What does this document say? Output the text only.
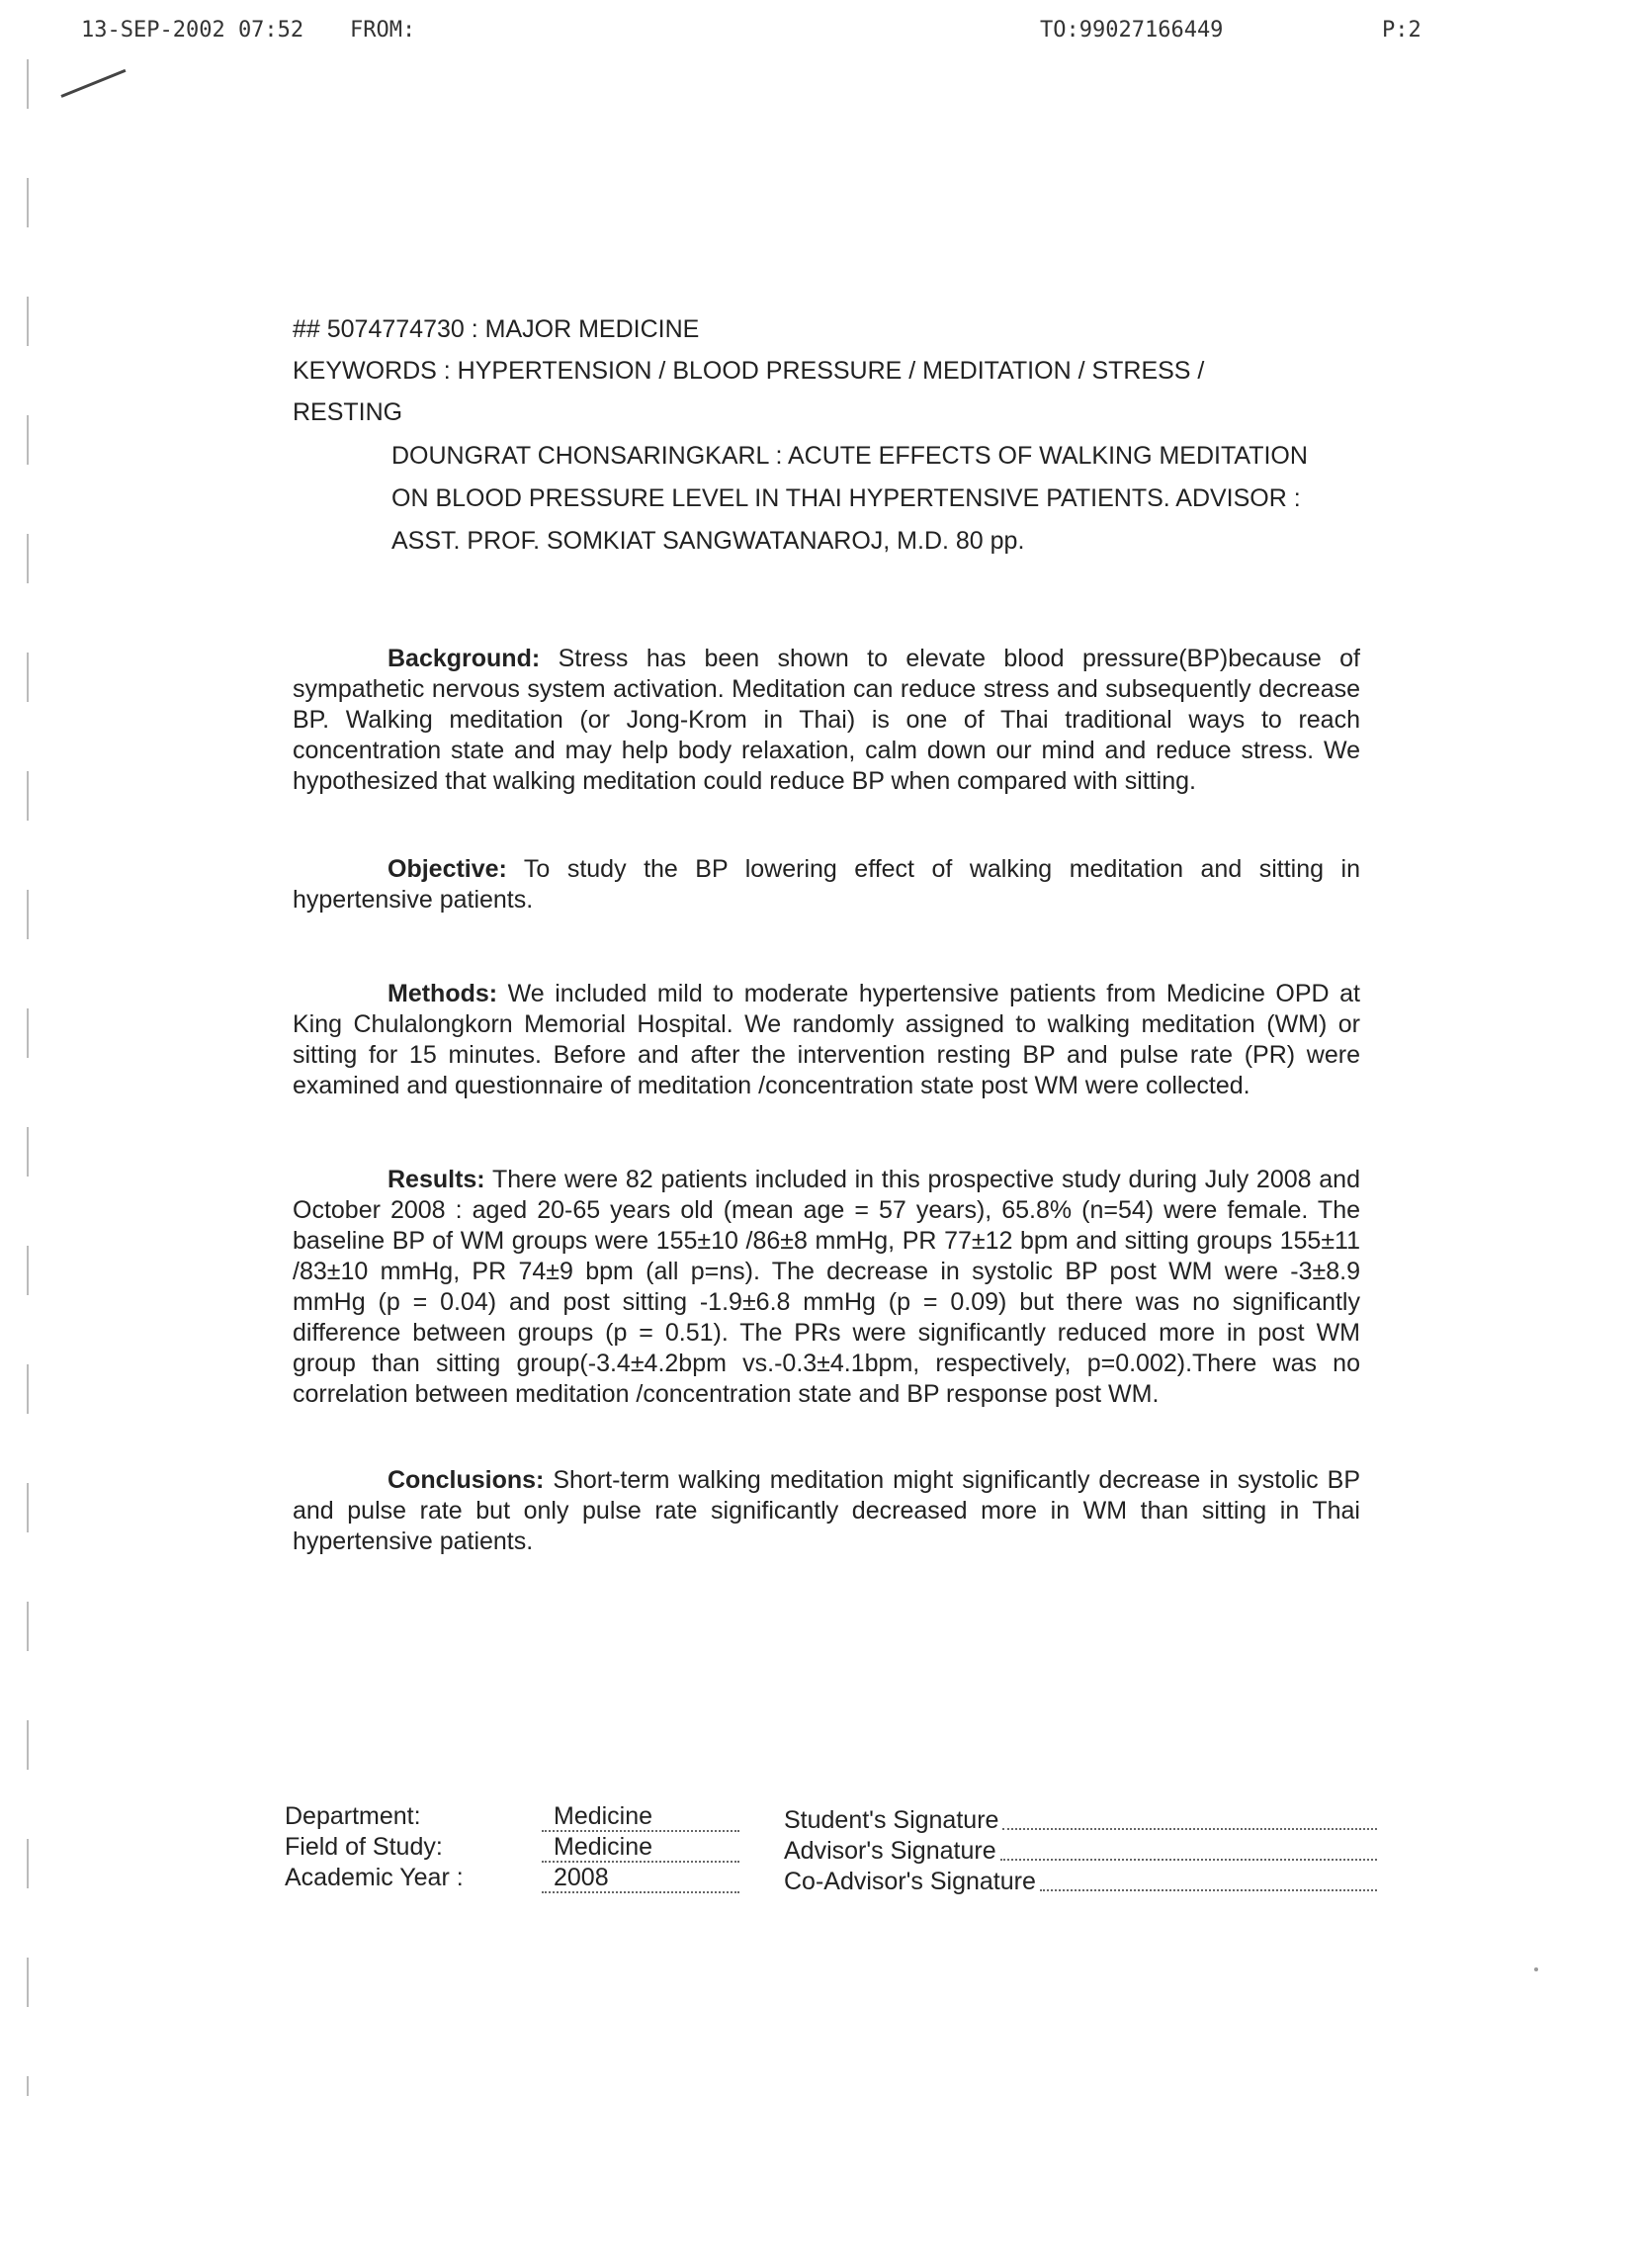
13-SEP-2002 07:52 FROM:	TO:99027166449	P:2
## 5074774730 : MAJOR MEDICINE
KEYWORDS : HYPERTENSION / BLOOD PRESSURE / MEDITATION / STRESS /
RESTING
DOUNGRAT CHONSARINGKARL : ACUTE EFFECTS OF WALKING MEDITATION
ON BLOOD PRESSURE LEVEL IN THAI HYPERTENSIVE PATIENTS. ADVISOR :
ASST. PROF. SOMKIAT SANGWATANAROJ, M.D. 80 pp.
Background: Stress has been shown to elevate blood pressure(BP)because of sympathetic nervous system activation. Meditation can reduce stress and subsequently decrease BP. Walking meditation (or Jong-Krom in Thai) is one of Thai traditional ways to reach concentration state and may help body relaxation, calm down our mind and reduce stress. We hypothesized that walking meditation could reduce BP when compared with sitting.
Objective: To study the BP lowering effect of walking meditation and sitting in hypertensive patients.
Methods: We included mild to moderate hypertensive patients from Medicine OPD at King Chulalongkorn Memorial Hospital. We randomly assigned to walking meditation (WM) or sitting for 15 minutes. Before and after the intervention resting BP and pulse rate (PR) were examined and questionnaire of meditation /concentration state post WM were collected.
Results: There were 82 patients included in this prospective study during July 2008 and October 2008 : aged 20-65 years old (mean age = 57 years), 65.8% (n=54) were female. The baseline BP of WM groups were 155±10 /86±8 mmHg, PR 77±12 bpm and sitting groups 155±11 /83±10 mmHg, PR 74±9 bpm (all p=ns). The decrease in systolic BP post WM were -3±8.9 mmHg (p = 0.04) and post sitting -1.9±6.8 mmHg (p = 0.09) but there was no significantly difference between groups (p = 0.51). The PRs were significantly reduced more in post WM group than sitting group(-3.4±4.2bpm vs.-0.3±4.1bpm, respectively, p=0.002).There was no correlation between meditation /concentration state and BP response post WM.
Conclusions: Short-term walking meditation might significantly decrease in systolic BP and pulse rate but only pulse rate significantly decreased more in WM than sitting in Thai hypertensive patients.
Department:	Medicine
Field of Study:	Medicine
Academic Year :	2008
Student's Signature
Advisor's Signature
Co-Advisor's Signature
